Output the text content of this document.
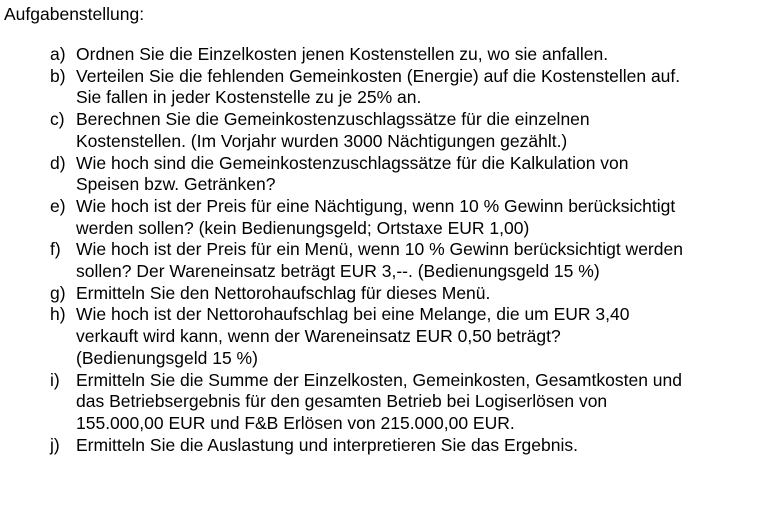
Aufgabenstellung:
a) Ordnen Sie die Einzelkosten jenen Kostenstellen zu, wo sie anfallen.
b) Verteilen Sie die fehlenden Gemeinkosten (Energie) auf die Kostenstellen auf.
Sie fallen in jeder Kostenstelle zu je 25% an.
c) Berechnen Sie die Gemeinkostenzuschlagssätze für die einzelnen
Kostenstellen. (Im Vorjahr wurden 3000 Nächtigungen gezählt.)
d) Wie hoch sind die Gemeinkostenzuschlagssätze für die Kalkulation von
Speisen bzw. Getränken?
e) Wie hoch ist der Preis für eine Nächtigung, wenn 10 % Gewinn berücksichtigt
werden sollen? (kein Bedienungsgeld; Ortstaxe EUR 1,00)
f) Wie hoch ist der Preis für ein Menü, wenn 10 % Gewinn berücksichtigt werden
sollen? Der Wareneinsatz beträgt EUR 3,--. (Bedienungsgeld 15 %)
g) Ermitteln Sie den Nettorohaufschlag für dieses Menü.
h) Wie hoch ist der Nettorohaufschlag bei eine Melange, die um EUR 3,40
verkauft wird kann, wenn der Wareneinsatz EUR 0,50 beträgt?
(Bedienungsgeld 15 %)
i) Ermitteln Sie die Summe der Einzelkosten, Gemeinkosten, Gesamtkosten und
das Betriebsergebnis für den gesamten Betrieb bei Logiserlösen von
155.000,00 EUR und F&B Erlösen von 215.000,00 EUR.
j) Ermitteln Sie die Auslastung und interpretieren Sie das Ergebnis.
